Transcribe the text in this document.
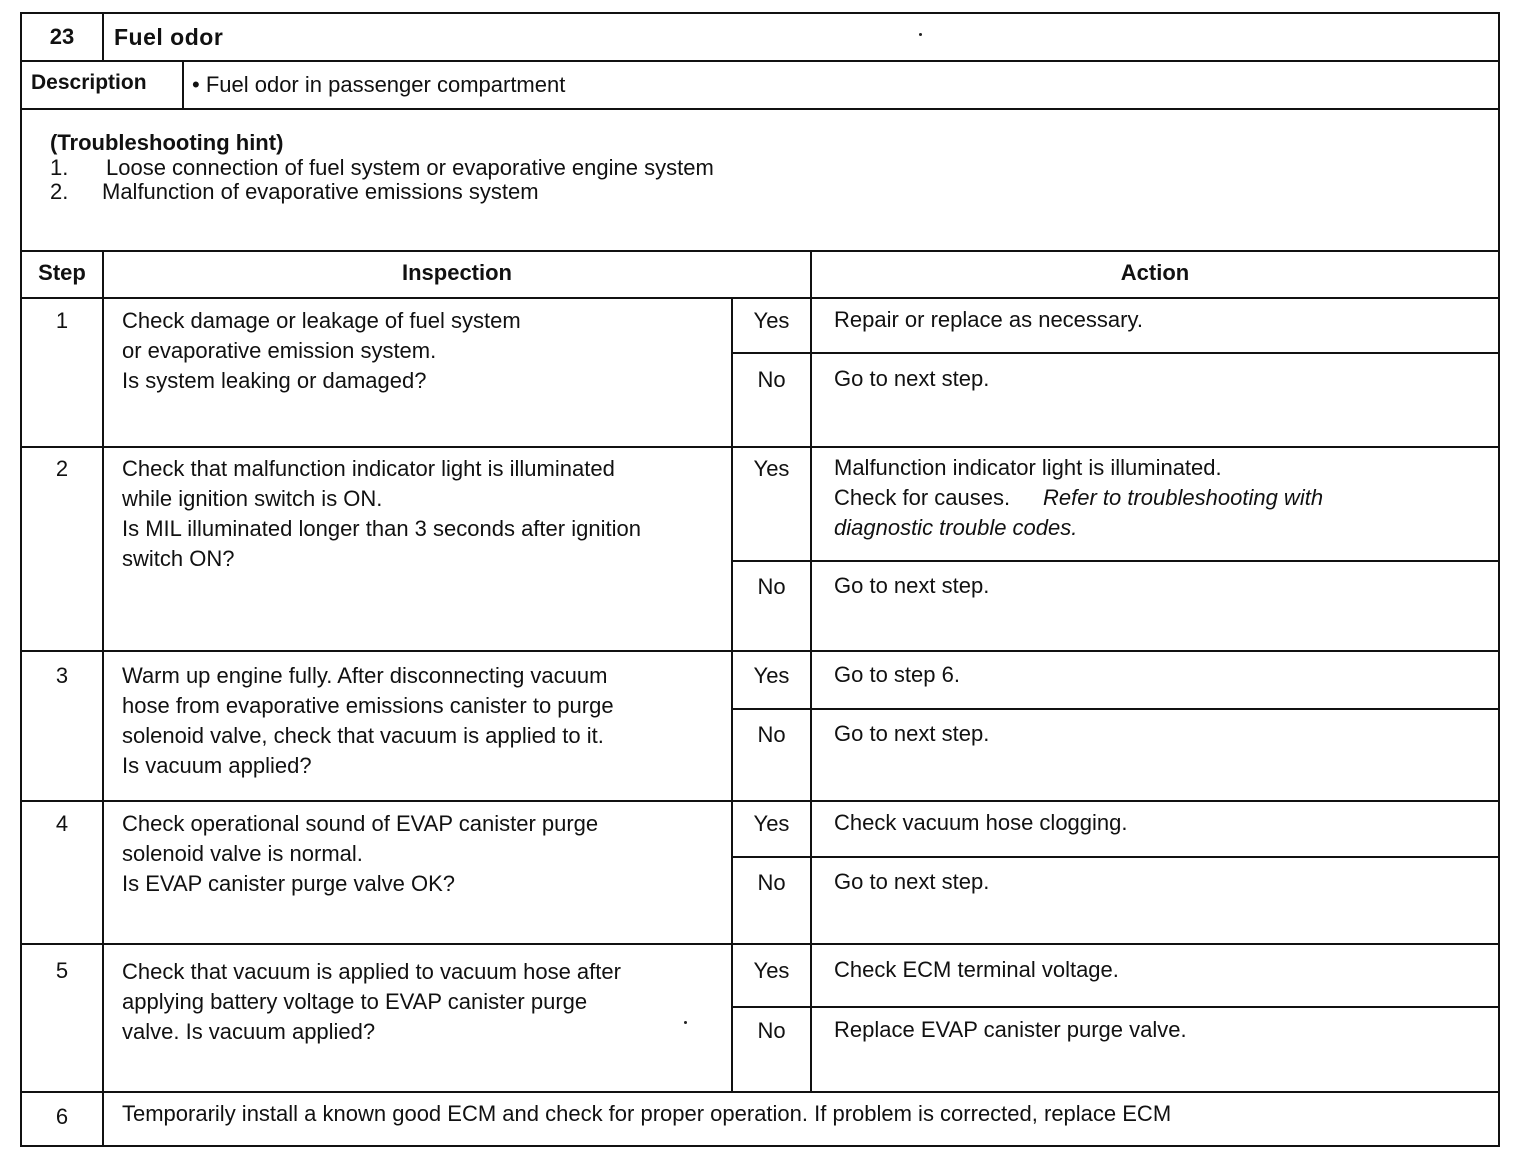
23	Fuel odor
Description	• Fuel odor in passenger compartment
(Troubleshooting hint)
1.	Loose connection of fuel system or evaporative engine system
2.	Malfunction of evaporative emissions system
Step	Inspection	Action
1	Check damage or leakage of fuel system
or evaporative emission system.
Is system leaking or damaged?
Yes	Repair or replace as necessary.
No	Go to next step.
2	Check that malfunction indicator light is illuminated
while ignition switch is ON.
Is MIL illuminated longer than 3 seconds after ignition
switch ON?
Yes	Malfunction indicator light is illuminated.
Check for causes.	Refer to troubleshooting with
diagnostic trouble codes.
No	Go to next step.
3	Warm up engine fully. After disconnecting vacuum
hose from evaporative emissions canister to purge
solenoid valve, check that vacuum is applied to it.
Is vacuum applied?
Yes	Go to step 6.
No	Go to next step.
4	Check operational sound of EVAP canister purge
solenoid valve is normal.
Is EVAP canister purge valve OK?
Yes	Check vacuum hose clogging.
No	Go to next step.
5	Check that vacuum is applied to vacuum hose after
applying battery voltage to EVAP canister purge
valve. Is vacuum applied?
Yes	Check ECM terminal voltage.
No	Replace EVAP canister purge valve.
6	Temporarily install a known good ECM and check for proper operation. If problem is corrected, replace ECM
